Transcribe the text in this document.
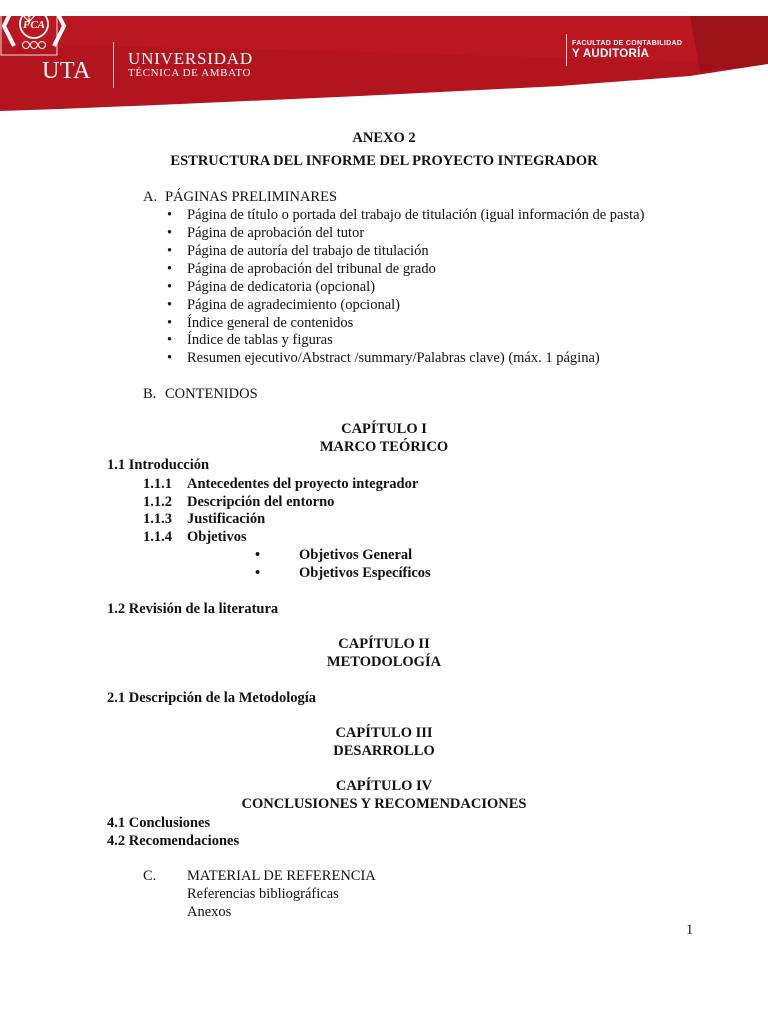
UTA UNIVERSIDAD
TÉCNICA DE AMBATO
FCA
FACULTAD DE CONTABILIDAD
Y AUDITORÍA
ANEXO 2
ESTRUCTURA DEL INFORME DEL PROYECTO INTEGRADOR
A. PÁGINAS PRELIMINARES
• Página de título o portada del trabajo de titulación (igual información de pasta)
• Página de aprobación del tutor
• Página de autoría del trabajo de titulación
• Página de aprobación del tribunal de grado
• Página de dedicatoria (opcional)
• Página de agradecimiento (opcional)
• Índice general de contenidos
• Índice de tablas y figuras
• Resumen ejecutivo/Abstract /summary/Palabras clave) (máx. 1 página)
B. CONTENIDOS
CAPÍTULO I
MARCO TEÓRICO
1.1 Introducción
1.1.1 Antecedentes del proyecto integrador
1.1.2 Descripción del entorno
1.1.3 Justificación
1.1.4 Objetivos
•	Objetivos General
•	Objetivos Específicos
1.2 Revisión de la literatura
CAPÍTULO II
METODOLOGÍA
2.1 Descripción de la Metodología
CAPÍTULO III
DESARROLLO
CAPÍTULO IV
CONCLUSIONES Y RECOMENDACIONES
4.1 Conclusiones
4.2 Recomendaciones
C. MATERIAL DE REFERENCIA
Referencias bibliográficas
Anexos
1
